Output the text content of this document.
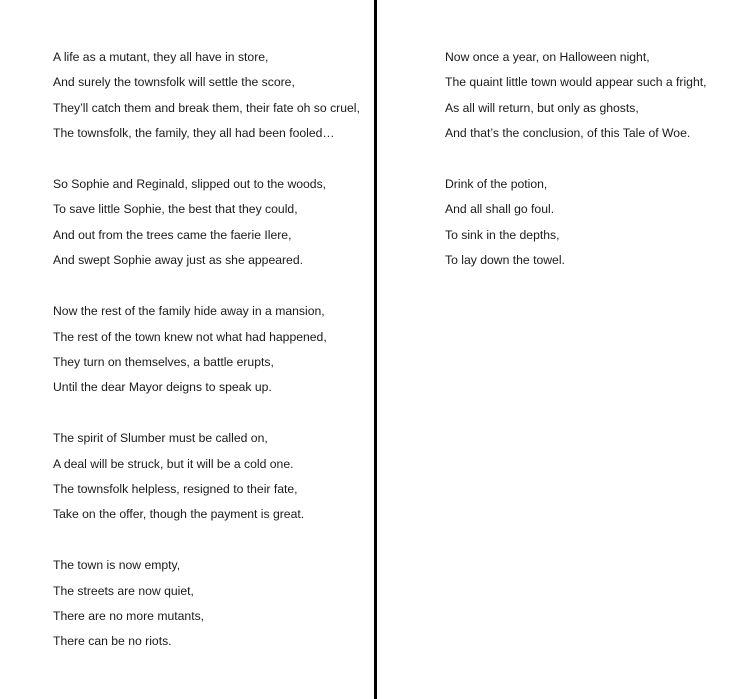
A life as a mutant, they all have in store,
And surely the townsfolk will settle the score,
They’ll catch them and break them, their fate oh so cruel,
The townsfolk, the family, they all had been fooled…
So Sophie and Reginald, slipped out to the woods,
To save little Sophie, the best that they could,
And out from the trees came the faerie Ilere,
And swept Sophie away just as she appeared.
Now the rest of the family hide away in a mansion,
The rest of the town knew not what had happened,
They turn on themselves, a battle erupts,
Until the dear Mayor deigns to speak up.
The spirit of Slumber must be called on,
A deal will be struck, but it will be a cold one.
The townsfolk helpless, resigned to their fate,
Take on the offer, though the payment is great.
The town is now empty,
The streets are now quiet,
There are no more mutants,
There can be no riots.
Now once a year, on Halloween night,
The quaint little town would appear such a fright,
As all will return, but only as ghosts,
And that’s the conclusion, of this Tale of Woe.
Drink of the potion,
And all shall go foul.
To sink in the depths,
To lay down the towel.
